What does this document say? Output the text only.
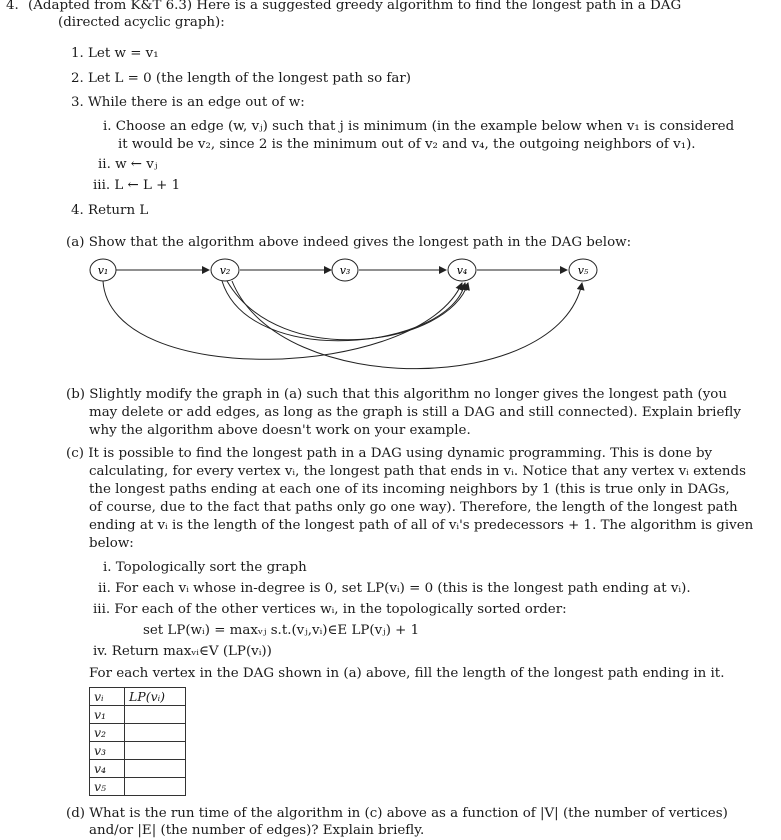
4. (Adapted from K&T 6.3) Here is a suggested greedy algorithm to find the longest path in a DAG
(directed acyclic graph):
1. Let w = v₁
2. Let L = 0 (the length of the longest path so far)
3. While there is an edge out of w:
i. Choose an edge (w, vⱼ) such that j is minimum (in the example below when v₁ is considered
it would be v₂, since 2 is the minimum out of v₂ and v₄, the outgoing neighbors of v₁).
ii. w ← vⱼ
iii. L ← L + 1
4. Return L
(a) Show that the algorithm above indeed gives the longest path in the DAG below:
v₁	v₂	v₃	v₄	v₅
(b) Slightly modify the graph in (a) such that this algorithm no longer gives the longest path (you
may delete or add edges, as long as the graph is still a DAG and still connected). Explain briefly
why the algorithm above doesn't work on your example.
(c) It is possible to find the longest path in a DAG using dynamic programming. This is done by
calculating, for every vertex vᵢ, the longest path that ends in vᵢ. Notice that any vertex vᵢ extends
the longest paths ending at each one of its incoming neighbors by 1 (this is true only in DAGs,
of course, due to the fact that paths only go one way). Therefore, the length of the longest path
ending at vᵢ is the length of the longest path of all of vᵢ's predecessors + 1. The algorithm is given
below:
i. Topologically sort the graph
ii. For each vᵢ whose in-degree is 0, set LP(vᵢ) = 0 (this is the longest path ending at vᵢ).
iii. For each of the other vertices wᵢ, in the topologically sorted order:
set LP(wᵢ) = maxᵥⱼ s.t.(vⱼ,vᵢ)∈E LP(vⱼ) + 1
iv. Return maxᵥᵢ∈V (LP(vᵢ))
For each vertex in the DAG shown in (a) above, fill the length of the longest path ending in it.
vᵢ	LP(vᵢ)
v₁	
v₂	
v₃	
v₄	
v₅	
(d) What is the run time of the algorithm in (c) above as a function of |V| (the number of vertices)
and/or |E| (the number of edges)? Explain briefly.
